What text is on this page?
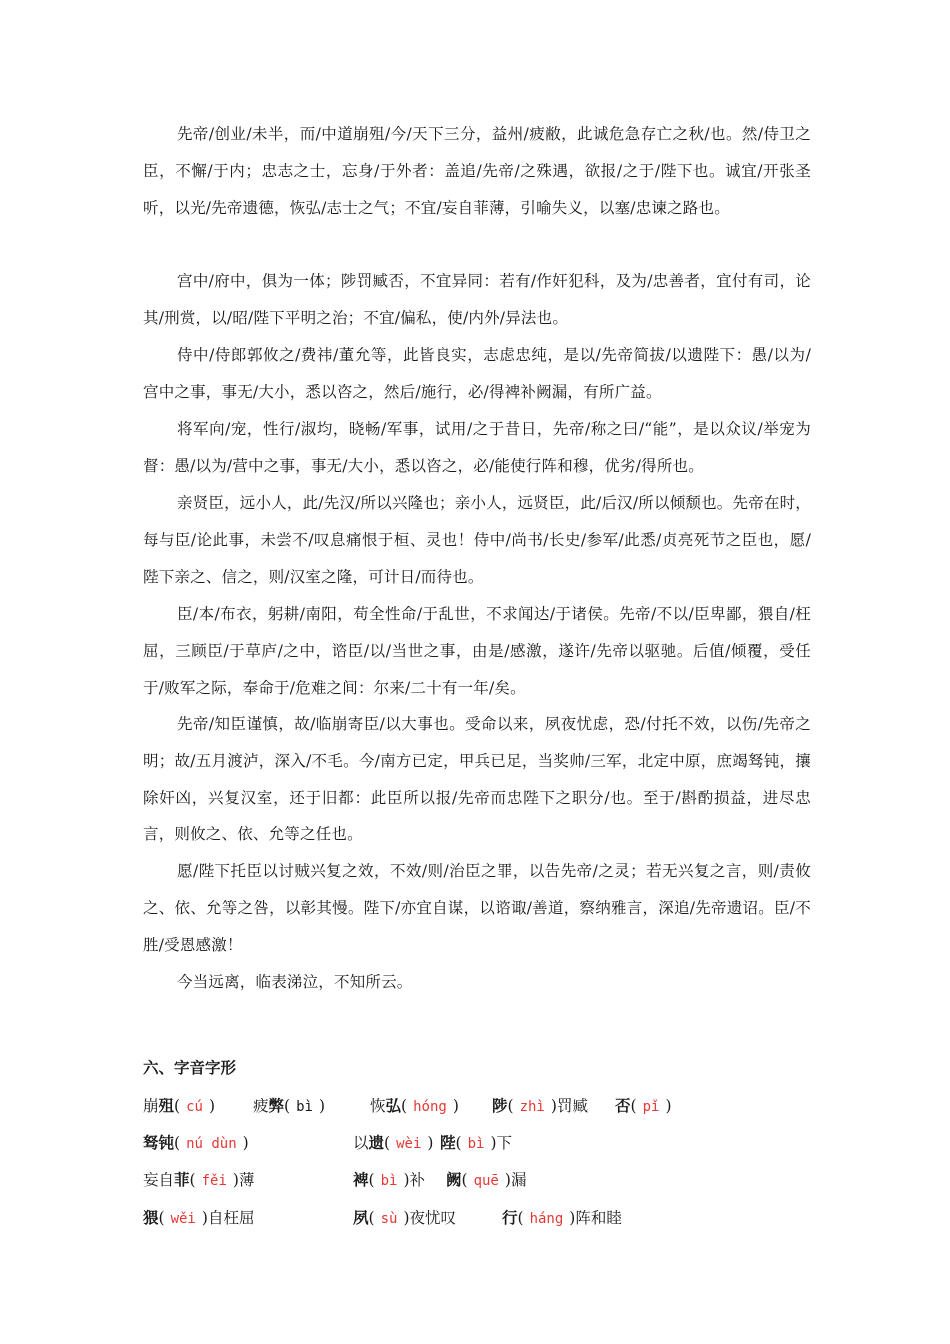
先帝/创业/未半，而/中道崩殂/今/天下三分，益州/疲敝，此诚危急存亡之秋/也。然/侍卫之臣，不懈/于内；忠志之士，忘身/于外者：盖追/先帝/之殊遇，欲报/之于/陛下也。诚宜/开张圣听，以光/先帝遗德，恢弘/志士之气；不宜/妄自菲薄，引喻失义，以塞/忠谏之路也。

宫中/府中，俱为一体；陟罚臧否，不宜异同：若有/作奸犯科，及为/忠善者，宜付有司，论其/刑赏，以/昭/陛下平明之治；不宜/偏私，使/内外/异法也。

侍中/侍郎郭攸之/费祎/董允等，此皆良实，志虑忠纯，是以/先帝简拔/以遗陛下：愚/以为/宫中之事，事无/大小，悉以咨之，然后/施行，必/得裨补阙漏，有所广益。

将军向/宠，性行/淑均，晓畅/军事，试用/之于昔日，先帝/称之曰/“能”，是以众议/举宠为督：愚/以为/营中之事，事无/大小，悉以咨之，必/能使行阵和穆，优劣/得所也。

亲贤臣，远小人，此/先汉/所以兴隆也；亲小人，远贤臣，此/后汉/所以倾颓也。先帝在时，每与臣/论此事，未尝不/叹息痛恨于桓、灵也！侍中/尚书/长史/参军/此悉/贞亮死节之臣也，愿/陛下亲之、信之，则/汉室之隆，可计日/而待也。

臣/本/布衣，躬耕/南阳，苟全性命/于乱世，不求闻达/于诸侯。先帝/不以/臣卑鄙，猥自/枉屈，三顾臣/于草庐/之中，谘臣/以/当世之事，由是/感激，遂许/先帝以驱驰。后值/倾覆，受任于/败军之际，奉命于/危难之间：尔来/二十有一年/矣。

先帝/知臣谨慎，故/临崩寄臣/以大事也。受命以来，夙夜忧虑，恐/付托不效，以伤/先帝之明；故/五月渡泸，深入/不毛。今/南方已定，甲兵已足，当奖帅/三军，北定中原，庶竭驽钝，攘除奸凶，兴复汉室，还于旧都：此臣所以报/先帝而忠陛下之职分/也。至于/斟酌损益，进尽忠言，则攸之、依、允等之任也。

愿/陛下托臣以讨贼兴复之效，不效/则/治臣之罪，以告先帝/之灵；若无兴复之言，则/责攸之、依、允等之咎，以彰其慢。陛下/亦宜自谋，以谘诹/善道，察纳雅言，深追/先帝遗诏。臣/不胜/受恩感激！

今当远离，临表涕泣，不知所云。

六、字音字形
崩殂( cú ) 疲弊( bì )	恢弘( hóng ) 陟( zhì )罚臧 否( pǐ )
驽钝( nú dùn )	以遗( wèi ) 陛( bì )下
妄自菲( fěi )薄	裨( bì )补 阙( quē )漏
猥( wěi )自枉屈	夙( sù )夜忧叹	行( háng )阵和睦
